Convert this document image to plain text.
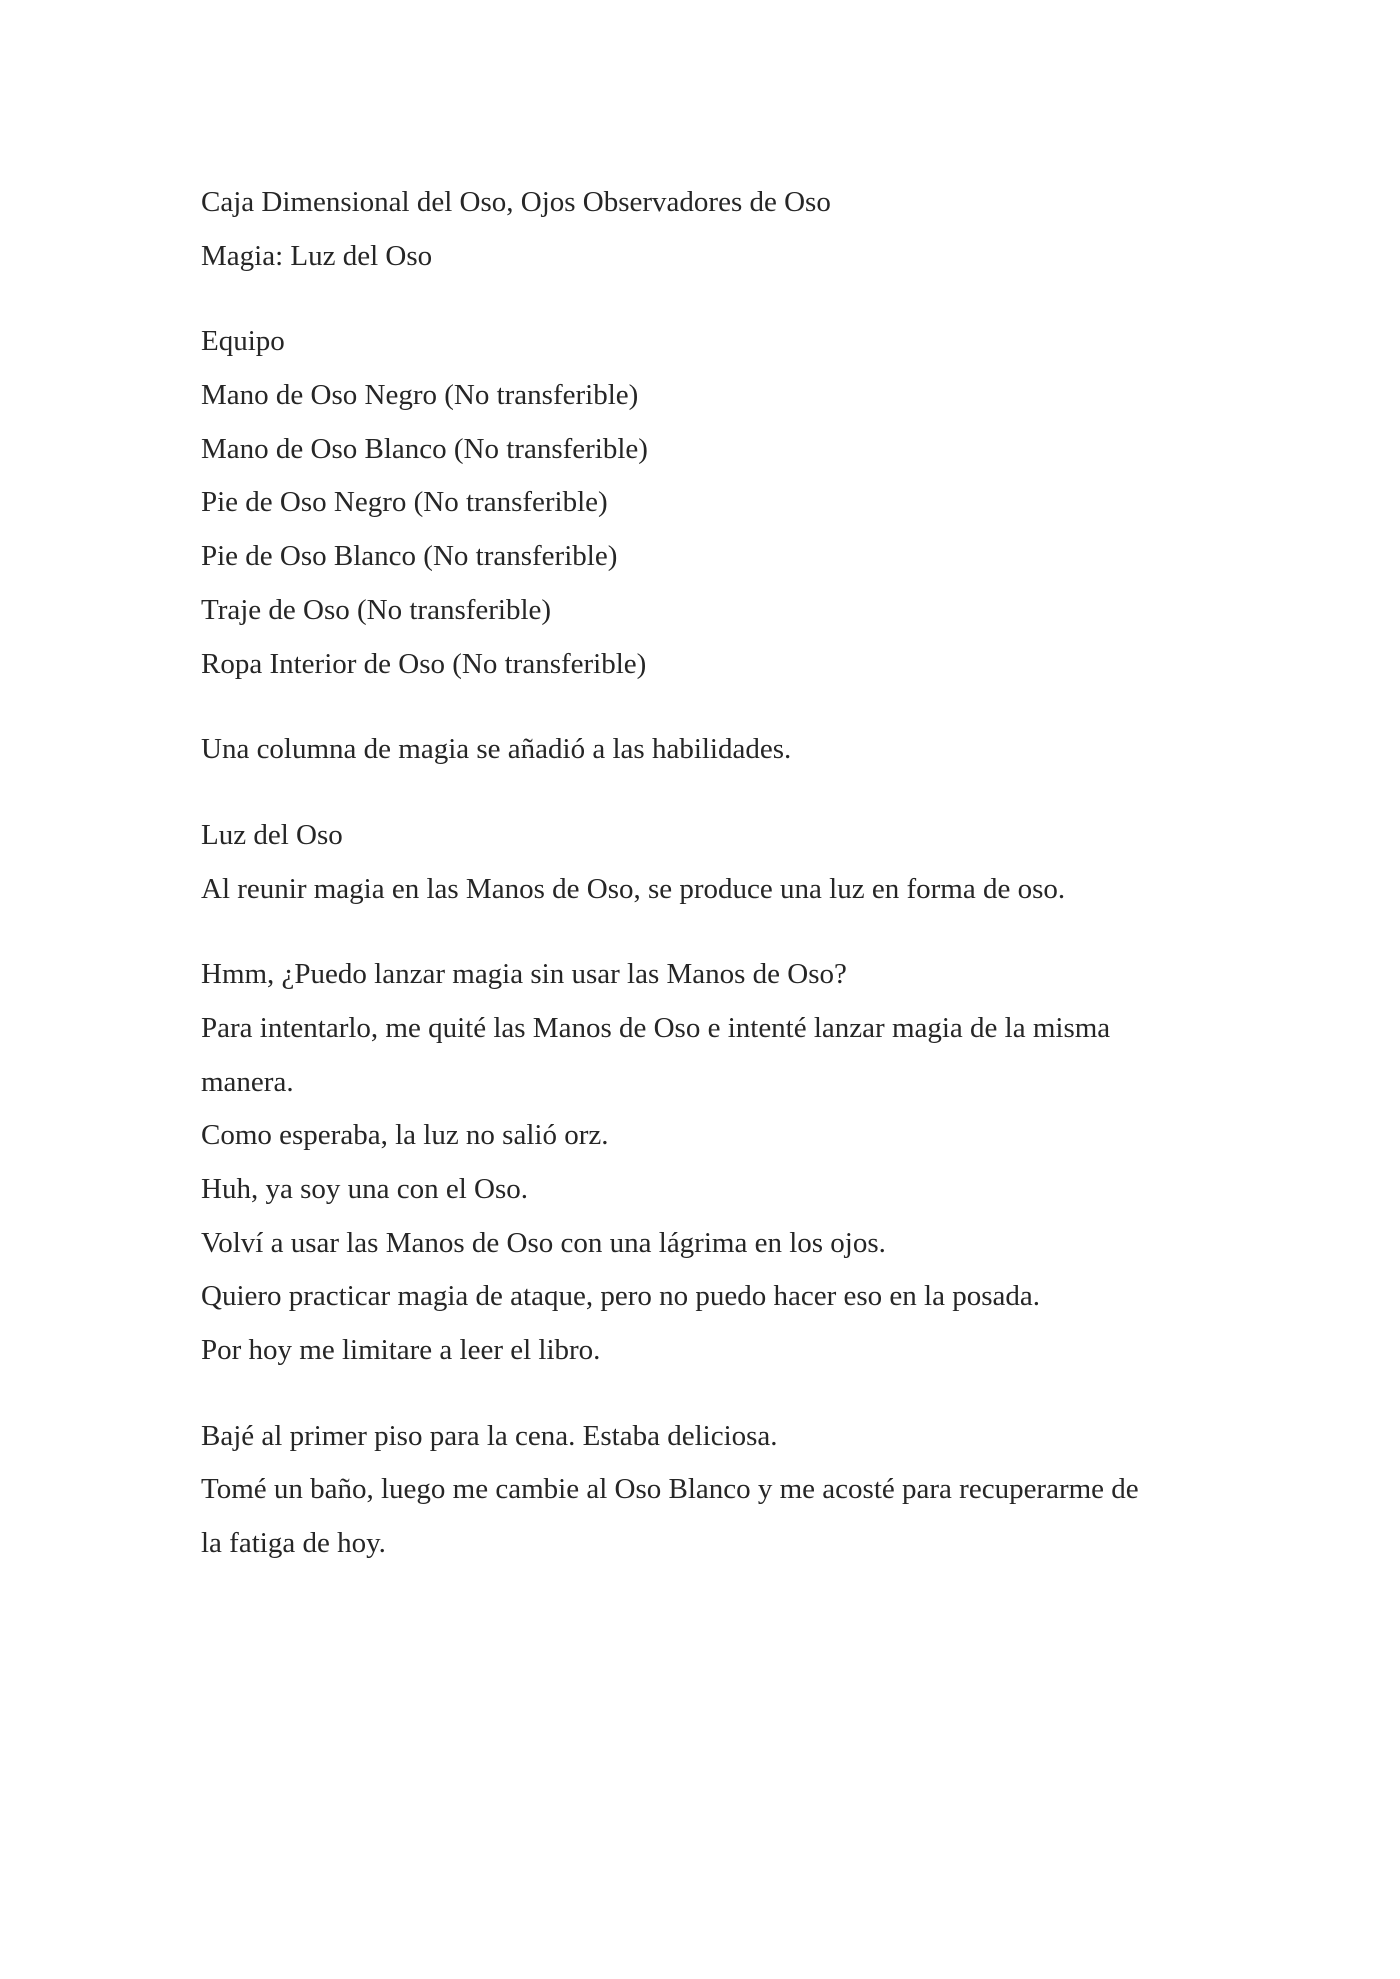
Caja Dimensional del Oso, Ojos Observadores de Oso
Magia: Luz del Oso
Equipo
Mano de Oso Negro (No transferible)
Mano de Oso Blanco (No transferible)
Pie de Oso Negro (No transferible)
Pie de Oso Blanco (No transferible)
Traje de Oso (No transferible)
Ropa Interior de Oso (No transferible)
Una columna de magia se añadió a las habilidades.
Luz del Oso
Al reunir magia en las Manos de Oso, se produce una luz en forma de oso.
Hmm, ¿Puedo lanzar magia sin usar las Manos de Oso?
Para intentarlo, me quité las Manos de Oso e intenté lanzar magia de la misma
manera.
Como esperaba, la luz no salió orz.
Huh, ya soy una con el Oso.
Volví a usar las Manos de Oso con una lágrima en los ojos.
Quiero practicar magia de ataque, pero no puedo hacer eso en la posada.
Por hoy me limitare a leer el libro.
Bajé al primer piso para la cena. Estaba deliciosa.
Tomé un baño, luego me cambie al Oso Blanco y me acosté para recuperarme de
la fatiga de hoy.
